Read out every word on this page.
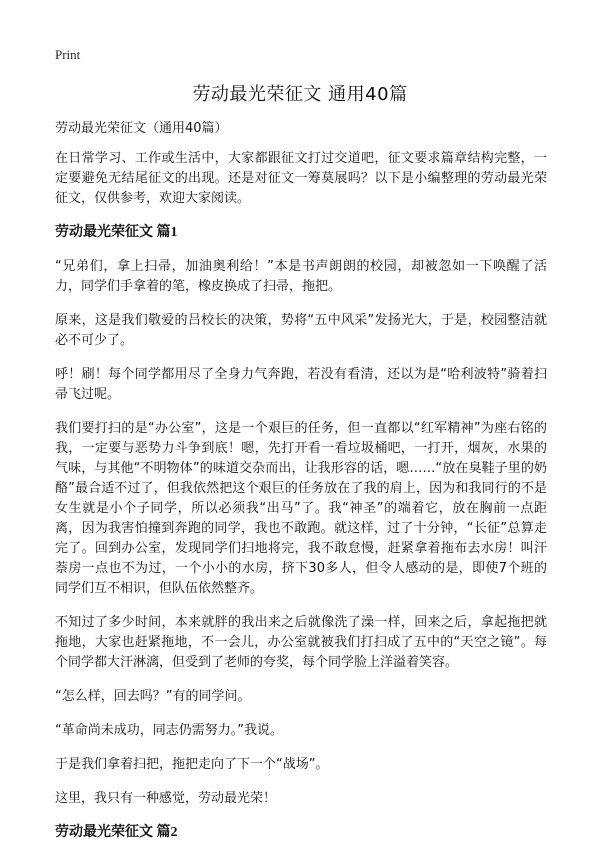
Print
劳动最光荣征文 通用40篇
劳动最光荣征文（通用40篇）

在日常学习、工作或生活中，大家都跟征文打过交道吧，征文要求篇章结构完整，一定要避免无结尾征文的出现。还是对征文一筹莫展吗？以下是小编整理的劳动最光荣征文，仅供参考，欢迎大家阅读。

劳动最光荣征文 篇1

“兄弟们，拿上扫帚，加油奥利给！”本是书声朗朗的校园，却被忽如一下唤醒了活力，同学们手拿着的笔，橡皮换成了扫帚，拖把。

原来，这是我们敬爱的吕校长的决策，势将“五中风采”发扬光大，于是，校园整洁就必不可少了。

呼！刷！每个同学都用尽了全身力气奔跑，若没有看清，还以为是“哈利波特”骑着扫帚飞过呢。

我们要打扫的是“办公室”，这是一个艰巨的任务，但一直都以“红军精神”为座右铭的我，一定要与恶势力斗争到底！嗯，先打开看一看垃圾桶吧，一打开，烟灰，水果的气味，与其他“不明物体”的味道交杂而出，让我形容的话，嗯……“放在臭鞋子里的奶酪”最合适不过了，但我依然把这个艰巨的任务放在了我的肩上，因为和我同行的不是女生就是小个子同学，所以必须我“出马”了。我“神圣”的端着它，放在胸前一点距离，因为我害怕撞到奔跑的同学，我也不敢跑。就这样，过了十分钟，“长征”总算走完了。回到办公室，发现同学们扫地将完，我不敢怠慢，赶紧拿着拖布去水房！叫汗萘房一点也不为过，一个小小的水房，挤下30多人，但令人感动的是，即使7个班的同学们互不相识，但队伍依然整齐。

不知过了多少时间，本来就胖的我出来之后就像洗了澡一样，回来之后，拿起拖把就拖地，大家也赶紧拖地，不一会儿，办公室就被我们打扫成了五中的“天空之镜”。每个同学都大汗淋漓，但受到了老师的夸奖，每个同学脸上洋溢着笑容。

“怎么样，回去吗？”有的同学问。

“革命尚未成功，同志仍需努力。”我说。

于是我们拿着扫把，拖把走向了下一个“战场”。

这里，我只有一种感觉，劳动最光荣！

劳动最光荣征文 篇2
